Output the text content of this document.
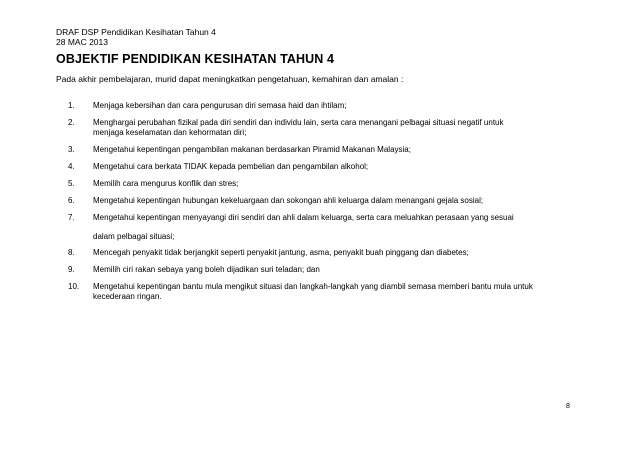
DRAF DSP Pendidikan Kesihatan Tahun 4
28 MAC 2013
OBJEKTIF PENDIDIKAN KESIHATAN TAHUN 4
Pada akhir pembelajaran, murid dapat meningkatkan pengetahuan, kemahiran dan amalan :
1. Menjaga kebersihan dan cara pengurusan diri semasa haid dan ihtilam;
2. Menghargai perubahan fizikal pada diri sendiri dan individu lain, serta cara menangani pelbagai situasi negatif untuk
menjaga keselamatan dan kehormatan diri;
3. Mengetahui kepentingan pengambilan makanan berdasarkan Piramid Makanan Malaysia;
4. Mengetahui cara berkata TIDAK kepada pembelian dan pengambilan alkohol;
5. Memilih cara mengurus konflik dan stres;
6. Mengetahui kepentingan hubungan kekeluargaan dan sokongan ahli keluarga dalam menangani gejala sosial;
7. Mengetahui kepentingan menyayangi diri sendiri dan ahli dalam keluarga, serta cara meluahkan perasaan yang sesuai
dalam pelbagai situasi;
8. Mencegah penyakit tidak berjangkit seperti penyakit jantung, asma, penyakit buah pinggang dan diabetes;
9. Memilih ciri rakan sebaya yang boleh dijadikan suri teladan; dan
10. Mengetahui kepentingan bantu mula mengikut situasi dan langkah-langkah yang diambil semasa memberi bantu mula untuk
kecederaan ringan.
8
